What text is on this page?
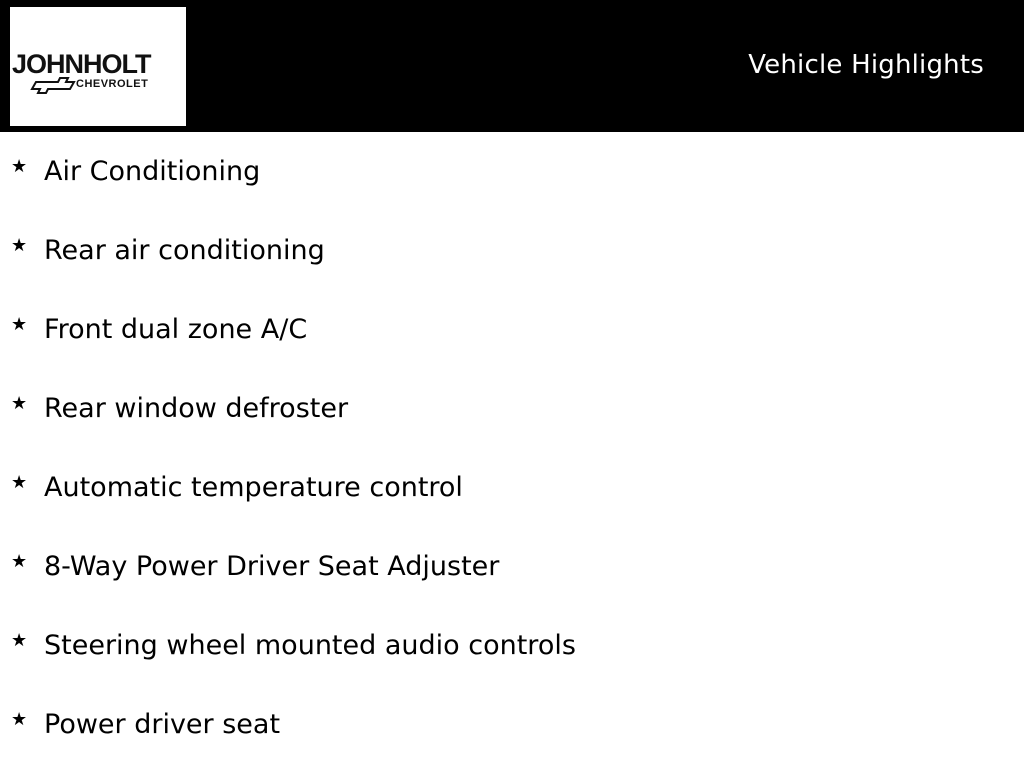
JOHNHOLT
CHEVROLET
Vehicle Highlights
★ Air Conditioning
★ Rear air conditioning
★ Front dual zone A/C
★ Rear window defroster
★ Automatic temperature control
★ 8-Way Power Driver Seat Adjuster
★ Steering wheel mounted audio controls
★ Power driver seat
